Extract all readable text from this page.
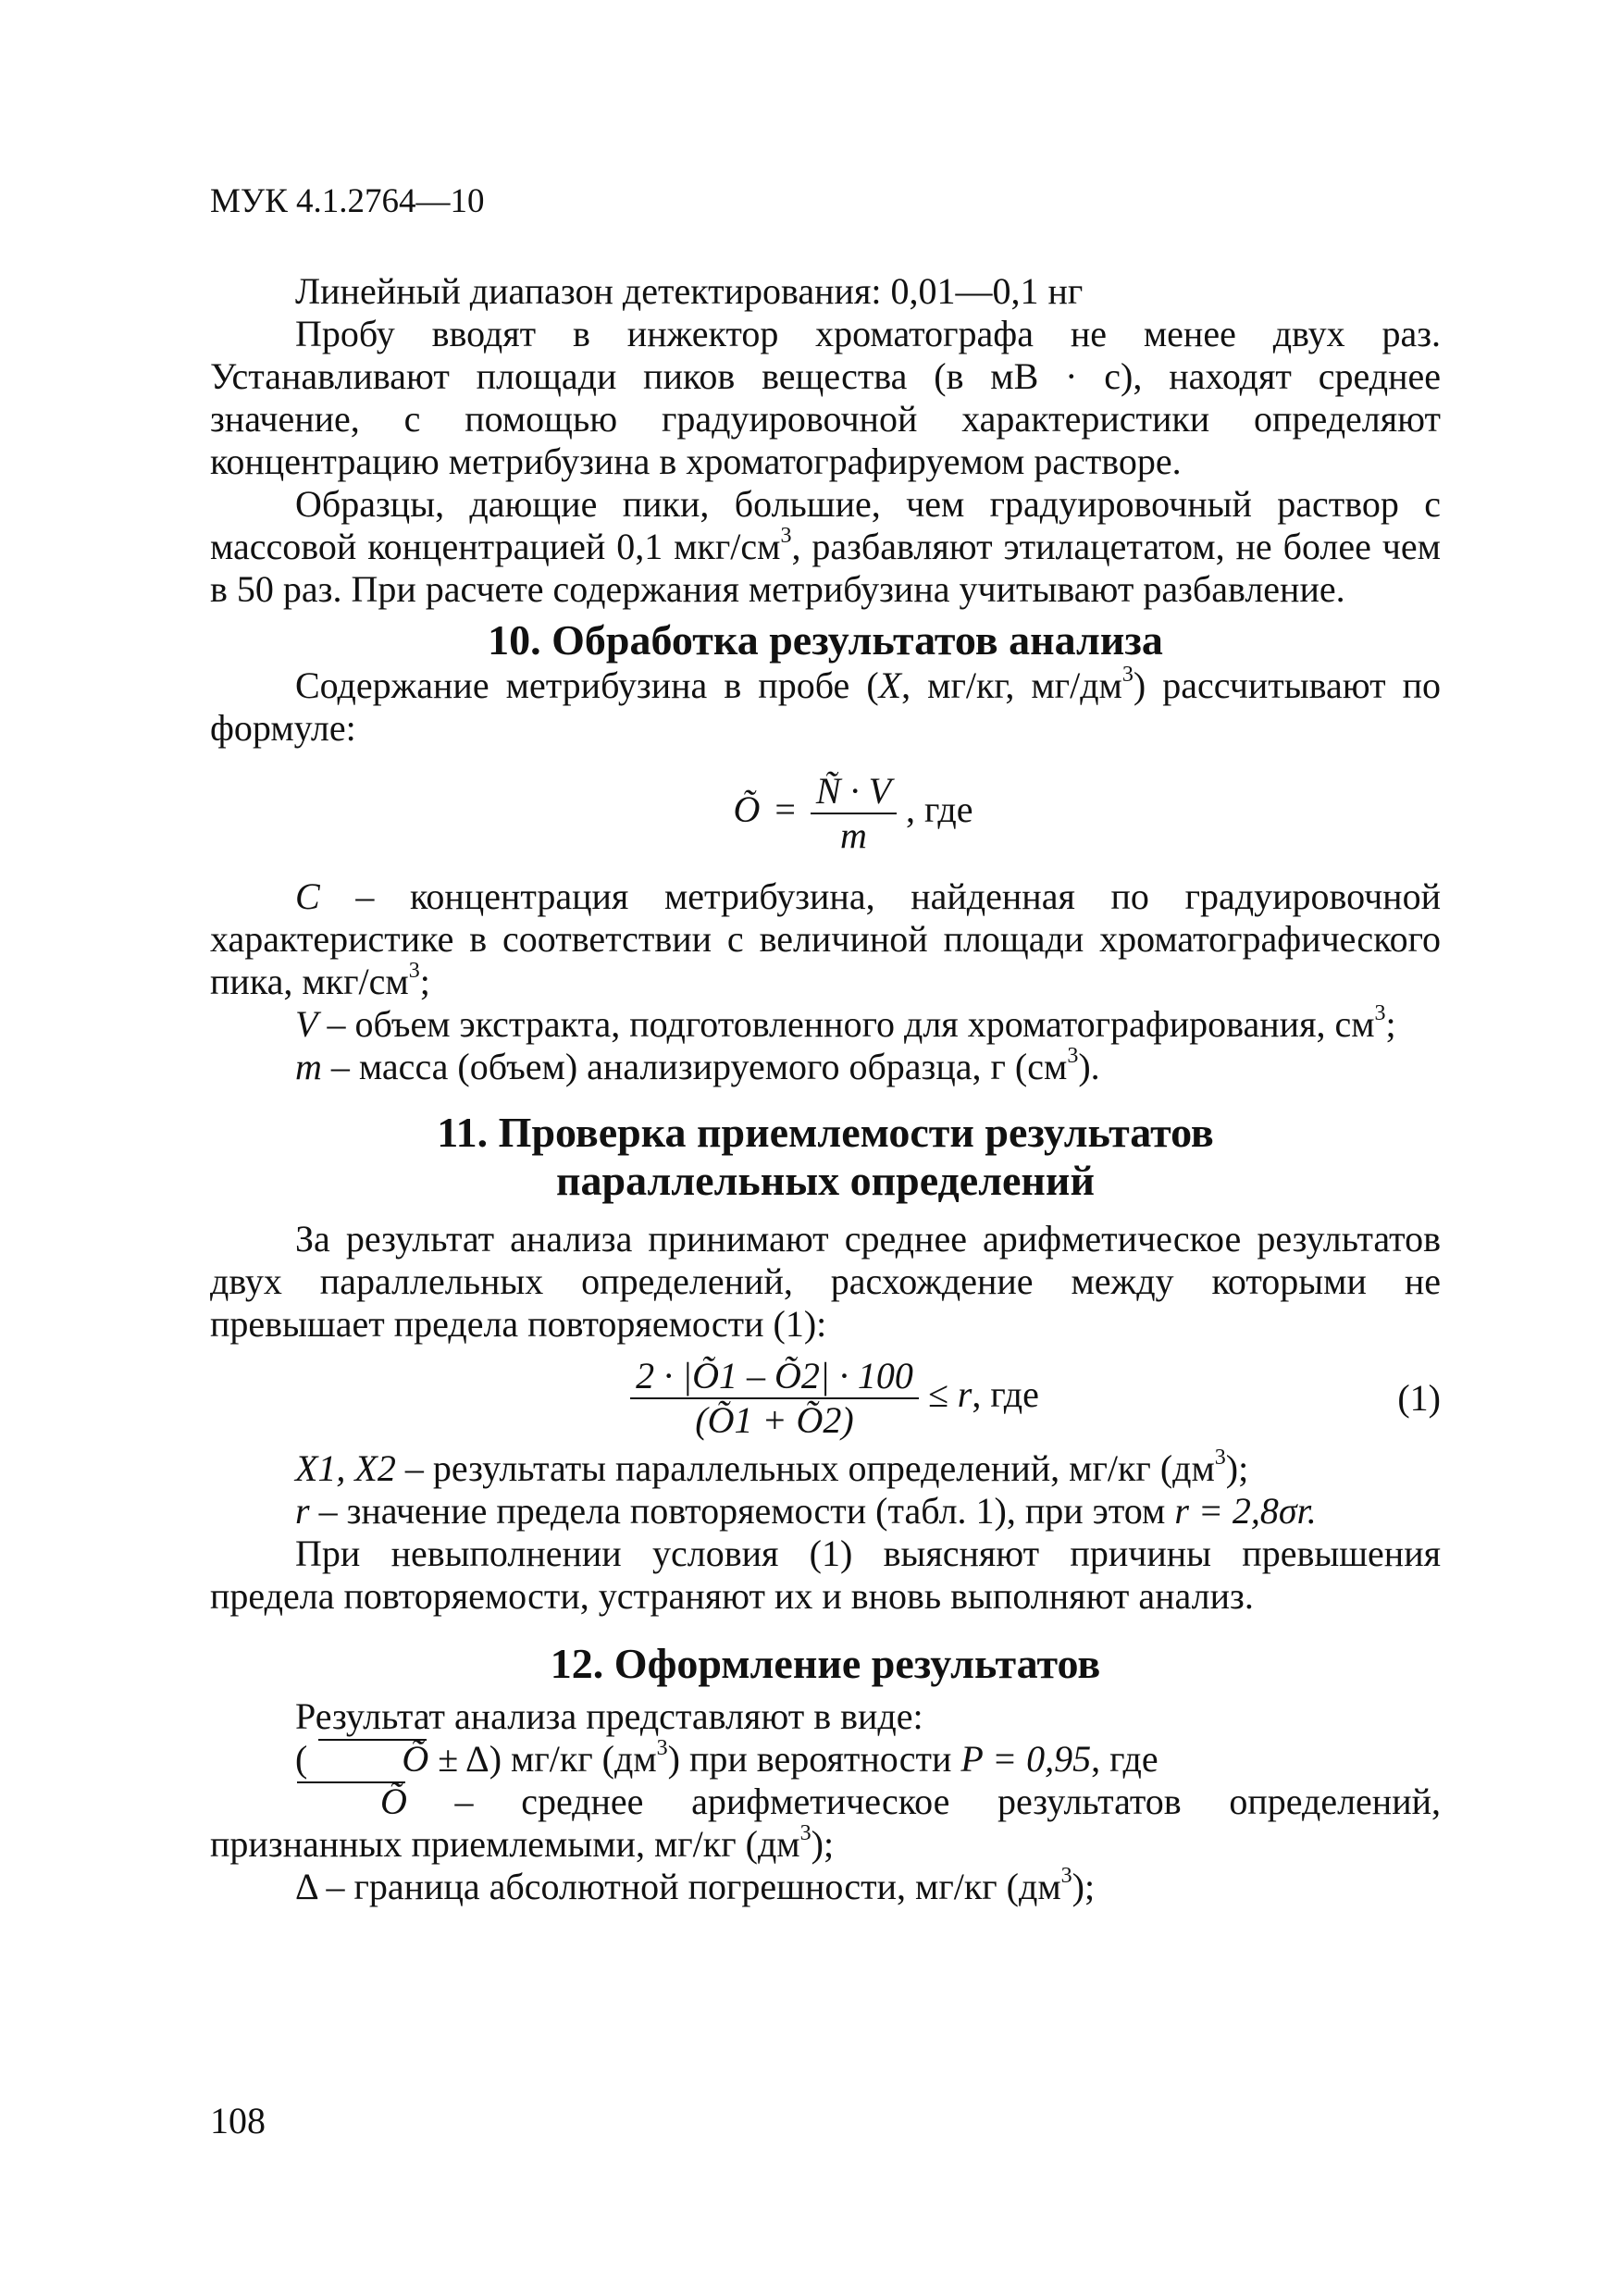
МУК 4.1.2764—10

Линейный диапазон детектирования: 0,01—0,1 нг

Пробу вводят в инжектор хроматографа не менее двух раз. Устанавливают площади пиков вещества (в мВ · с), находят среднее значение, с помощью градуировочной характеристики определяют концентрацию метрибузина в хроматографируемом растворе.

Образцы, дающие пики, большие, чем градуировочный раствор с массовой концентрацией 0,1 мкг/$см^3$, разбавляют этилацетатом, не более чем в 50 раз. При расчете содержания метрибузина учитывают разбавление.

10. Обработка результатов анализа

Содержание метрибузина в пробе (X, мг/кг, $мг/дм^3$) рассчитывают по формуле:

Õ = $\frac{Ñ \cdot V}{m}$ , где

C – концентрация метрибузина, найденная по градуировочной характеристике в соответствии с величиной площади хроматографического пика, мкг/$см^3$;

V – объем экстракта, подготовленного для хроматографирования, $см^3$;

m – масса (объем) анализируемого образца, г $(см^3)$.

11. Проверка приемлемости результатов
параллельных определений

За результат анализа принимают среднее арифметическое результатов двух параллельных определений, расхождение между которыми не превышает предела повторяемости (1):

$\frac{2 \cdot |Õ1 - Õ2| \cdot 100}{(Õ1 + Õ2)} \le r$, где	(1)

X1, X2 – результаты параллельных определений, мг/кг $(дм^3)$;

r – значение предела повторяемости (табл. 1), при этом r = 2,8σr.

При невыполнении условия (1) выясняют причины превышения предела повторяемости, устраняют их и вновь выполняют анализ.

12. Оформление результатов

Результат анализа представляют в виде:

(	Õ ± Δ) мг/кг $(дм^3)$ при вероятности P = 0,95, где

Õ – среднее арифметическое результатов определений, признанных приемлемыми, мг/кг $(дм^3)$;

Δ – граница абсолютной погрешности, мг/кг $(дм^3)$;

108
